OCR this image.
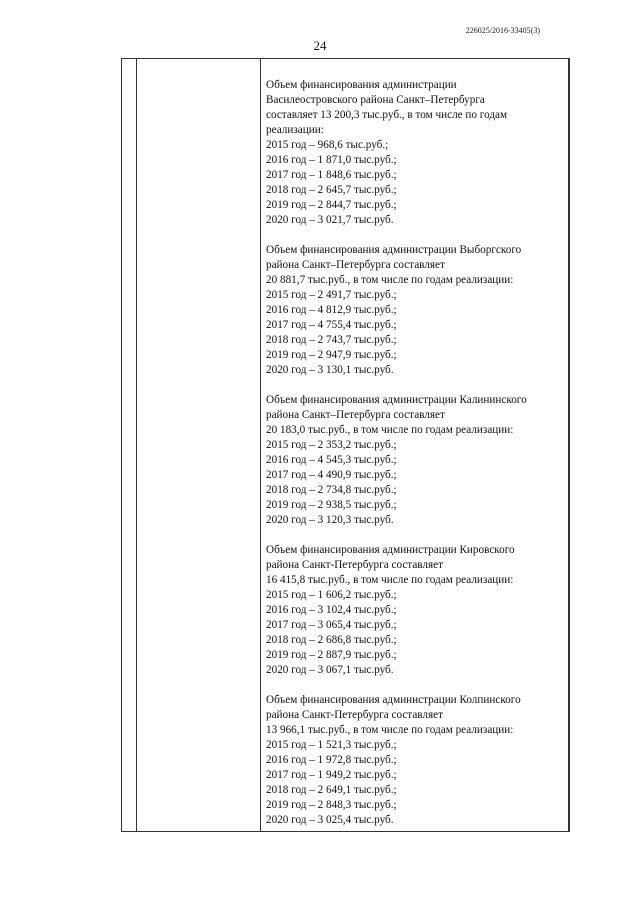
226025/2016-33405(3)
24
Объем финансирования администрации
Василеостровского района Санкт–Петербурга
составляет 13 200,3 тыс.руб., в том числе по годам
реализации:
2015 год – 968,6 тыс.руб.;
2016 год – 1 871,0 тыс.руб.;
2017 год – 1 848,6 тыс.руб.;
2018 год – 2 645,7 тыс.руб.;
2019 год – 2 844,7 тыс.руб.;
2020 год – 3 021,7 тыс.руб.
Объем финансирования администрации Выборгского
района Санкт–Петербурга составляет
20 881,7 тыс.руб., в том числе по годам реализации:
2015 год – 2 491,7 тыс.руб.;
2016 год – 4 812,9 тыс.руб.;
2017 год – 4 755,4 тыс.руб.;
2018 год – 2 743,7 тыс.руб.;
2019 год – 2 947,9 тыс.руб.;
2020 год – 3 130,1 тыс.руб.
Объем финансирования администрации Калининского
района Санкт–Петербурга составляет
20 183,0 тыс.руб., в том числе по годам реализации:
2015 год – 2 353,2 тыс.руб.;
2016 год – 4 545,3 тыс.руб.;
2017 год – 4 490,9 тыс.руб.;
2018 год – 2 734,8 тыс.руб.;
2019 год – 2 938,5 тыс.руб.;
2020 год – 3 120,3 тыс.руб.
Объем финансирования администрации Кировского
района Санкт-Петербурга составляет
16 415,8 тыс.руб., в том числе по годам реализации:
2015 год – 1 606,2 тыс.руб.;
2016 год – 3 102,4 тыс.руб.;
2017 год – 3 065,4 тыс.руб.;
2018 год – 2 686,8 тыс.руб.;
2019 год – 2 887,9 тыс.руб.;
2020 год – 3 067,1 тыс.руб.
Объем финансирования администрации Колпинского
района Санкт-Петербурга составляет
13 966,1 тыс.руб., в том числе по годам реализации:
2015 год – 1 521,3 тыс.руб.;
2016 год – 1 972,8 тыс.руб.;
2017 год – 1 949,2 тыс.руб.;
2018 год – 2 649,1 тыс.руб.;
2019 год – 2 848,3 тыс.руб.;
2020 год – 3 025,4 тыс.руб.
